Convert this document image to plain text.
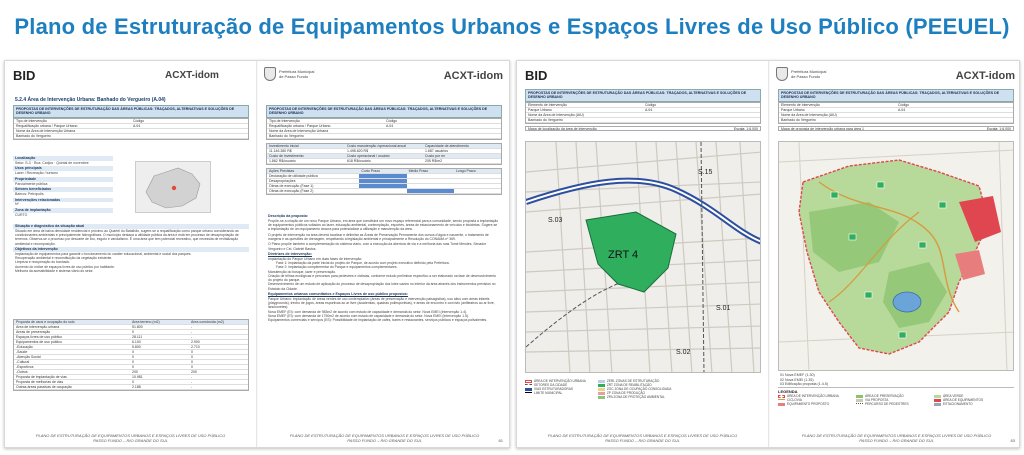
Plano de Estruturação de Equipamentos Urbanos e Espaços Livres de Uso Público (PEEUEL)
BID	ACXT-idom
5.2.4 Área de Intervenção Urbana: Banhado do Vergueiro (A.04)
PROPOSTAS DE INTERVENÇÕES DE ESTRUTURAÇÃO DAS ÁREAS PÚBLICAS: TRAÇADOS, ALTERNATIVAS E SOLUÇÕES DE DESENHO URBANO
Tipo de Intervenção	Código
Requalificação urbana / Parque Urbano	A.04
Nome da Área de Intervenção Urbana
Banhado do Vergueiro
Localização
Setor: S-3 · Rua: Carijos · Quintal de novembre
Usos principais
Lazer / Recreação / turismo
Propriedade
Parcialmente pública
Setores beneficiados
Bairros: Petrópolis
Intervenções relacionadas
Nº
Zona de implantação
CURTO
Situação e diagnóstico da situação atual
Situado em área de baixa densidade residencial e próximo ao Quartel do Batalhão, sugere-se a requalificação como parque urbano considerando as condicionantes ambientais e principalmente hidrográficas. O município destaca a utilidade pública da área e está em processo de desapropriação de terrenos. Observa-se o processo por descarte de lixo, esgoto e vandalismo. É uma área que tem potencial recreativo, que necessita de revitalização ambiental e recomposição.
Objetivos da intervenção
Implantação de equipamentos para garantir o funcionamento do caráter educacional, ambiental e social dos parques.
Recuperação ambiental e reconstituição da vegetação existente.
Limpeza e recuperação do banhado.
Aumento do índice de espaços livres de uso público por habitante.
Melhoria da acessibilidade e sistema viário do setor.
Proposta de usos e ocupação do solo	Área terreno (m2)	Área construída (m2)
Área de intervenção urbana	51.800	-
Áreas de preservação	0	-
Espaços livres de uso público	28.111	-
Equipamentos de uso público	6.100	2.900
-Educação	5.800	2.710
-Saúde	0	0
-Atenção Social	0	0
-Cultural	0	0
-Esportivos	0	0
-Outros	200	200
Proposta de implantação de vias	10.981	-
Proposta de melhorias de vias	0	-
Outras áreas passivas de ocupação	2.188	-
PLANO DE ESTRUTURAÇÃO DE EQUIPAMENTOS URBANOS E ESPAÇOS LIVRES DE USO PÚBLICO
PASSO FUNDO – RIO GRANDE DO SUL
Prefeitura Municipal de Passo Fundo	ACXT-idom
PROPOSTAS DE INTERVENÇÕES DE ESTRUTURAÇÃO DAS ÁREAS PÚBLICAS: TRAÇADOS, ALTERNATIVAS E SOLUÇÕES DE DESENHO URBANO
Tipo de Intervenção	Código
Requalificação urbana / Parque Urbano	A.04
Nome da Área de Intervenção Urbana
Banhado do Vergueiro
Investimento inicial	Custo manutenção /operacional anual	Capacidade de atendimento
11.146.380 R$	1.498.620 R$	1.687 usuários
Custo de investimento	Custo operacional / usuário	Custo por m²
1.862 R$/usuário	618 R$/usuário	205 R$/m2
Ações Previstas	Curto Prazo	Médio Prazo	Longo Prazo
Declaração de utilidade pública
Desapropriações
Obras de execução (Fase 1)
Obras de execução (Fase 2)
Descrição da proposta:
Propõe-se a criação de um novo Parque Urbano, em área que constituirá um novo espaço referencial para a comunidade, sendo proposta a implantação de equipamentos públicos voltados ao lazer, educação ambiental, contemplação, esportes, áreas de estacionamento de veículos e bicicletas. Sugere-se a implantação de um equipamento âncora para potencializar a utilização e manutenção da área.
O projeto de intervenção na área deverá localizar e delimitar as Áreas de Preservação Permanente dos cursos d'água e nascente, o tratamento de margens e as questões de drenagem, respeitando a legislação ambiental e principalmente a Resolução do CONAMA nº 369.
O Plano propõe também a complementação do sistema viário, com a execução da abertura de via e a melhoria das ruas Tomé Mendes, Senador Vergueiro e Cel. Gabriel Bastos.
Diretrizes de intervenção:
Implantação do Parque Urbano em duas fases de intervenção:
Fase 1: implantação da parte inicial do projeto de Parque, de acordo com projeto executivo definido pela Prefeitura.
Fase 2: implantação complementar do Parque e equipamentos complementares.
Manutenção do bosque, lazer e preservação.
Criação de trilhas ecológicas e percursos para pedestres e ciclistas, conforme estudo preliminar específico a ser elaborado na fase de desenvolvimento do projeto do parque.
Desenvolvimento de um estudo de aplicação do processo de desapropriação dos lotes vazios no interior da área através dos instrumentos previstos no Estatuto da Cidade.
Equipamentos urbanos comunitários e Espaços Livres de uso público propostos:
Parque Urbano: implantação de áreas verdes de uso contemplativo (áreas de preservação e intervenção paisagística), uso ativo com áreas infantis (playgrounds), trecho de jogos, áreas esportivas ao ar livre (academias, quadras poliesportivas), e áreas de encontro e convívio (anfiteatros ao ar livre, lanchonetes).
Nova EMEF (EI): com demanda de 983m2 de acordo com estudo de capacidade e demanda do setor. Nova EMEI (Intervenção 1.4).
Nova EMEF (EI): com demanda de 1750m2 de acordo com estudo de capacidade e demanda do setor. Nova EMEI (Intervenção 1.5).
Equipamentos comerciais e serviços (ES): Possibilidade de implantação de cafés, bares e restaurantes, serviços públicos e espaços polivalentes.
PLANO DE ESTRUTURAÇÃO DE EQUIPAMENTOS URBANOS E ESPAÇOS LIVRES DE USO PÚBLICO
PASSO FUNDO – RIO GRANDE DO SUL	81
BID
PROPOSTAS DE INTERVENÇÕES DE ESTRUTURAÇÃO DAS ÁREAS PÚBLICAS: TRAÇADOS, ALTERNATIVAS E SOLUÇÕES DE DESENHO URBANO
Elemento de Intervenção	Código
Parque Urbano	A.04
Nome da Área de Intervenção (AIU)
Banhado do Vergueiro
Mapa de localização da área de intervenção	Escala: 1:6.000
ZRT 4
S.15
S.03
S.01
S.02
ÁREA DE INTERVENÇÃO URBANA
SETORES DA CIDADE
VIAS ESTRUTURADORAS
LIMITE MUNICIPAL
ZERL ZONAS DE ESTRUTURAÇÃO
ZRT ZONA DE REABILITAÇÃO
ZOC ZONA DE OCUPAÇÃO CONSOLIDADA
ZP ZONA DE PRODUÇÃO
ZPA ZONA DE PROTEÇÃO AMBIENTAL
PLANO DE ESTRUTURAÇÃO DE EQUIPAMENTOS URBANOS E ESPAÇOS LIVRES DE USO PÚBLICO
PASSO FUNDO – RIO GRANDE DO SUL
Prefeitura Municipal de Passo Fundo	ACXT-idom
PROPOSTAS DE INTERVENÇÕES DE ESTRUTURAÇÃO DAS ÁREAS PÚBLICAS: TRAÇADOS, ALTERNATIVAS E SOLUÇÕES DE DESENHO URBANO
Elemento de Intervenção	Código
Parque Urbano	A.04
Nome da Área de Intervenção (AIU)
Banhado do Vergueiro
Mapa de proposta de intervenção urbana para área 1	Escala: 1:6.000
01 Nova EMEF (1.30)
02 Nova EMEI (1.35)
03 Edificação proposta (1.4.5)
LEGENDA
ÁREA DE INTERVENÇÃO URBANA	ÁREA DE PRESERVAÇÃO	ÁREA VERDE
CICLOVIA	VIA PROPOSTA	ÁREA DE EQUIPAMENTOS
EQUIPAMENTO PROPOSTO	PERCURSO DE PEDESTRES	ESTACIONAMENTO
PLANO DE ESTRUTURAÇÃO DE EQUIPAMENTOS URBANOS E ESPAÇOS LIVRES DE USO PÚBLICO
PASSO FUNDO – RIO GRANDE DO SUL	83
